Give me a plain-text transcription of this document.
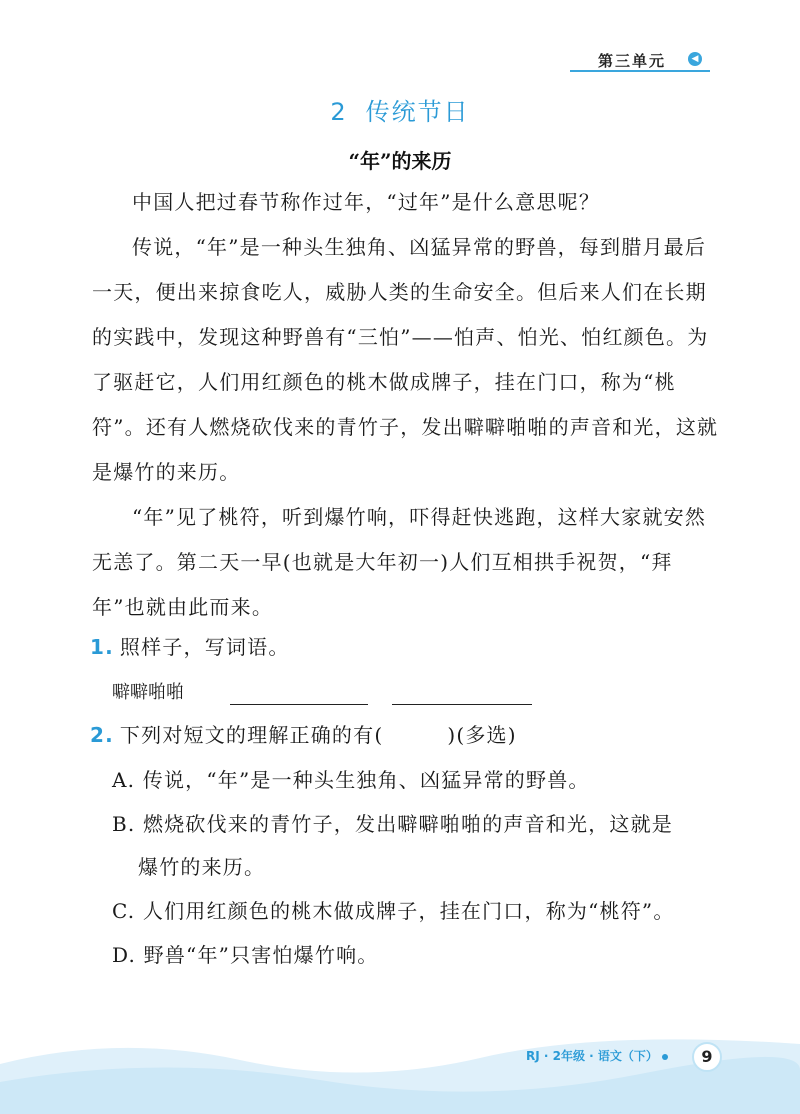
第三单元	◀
2 传统节日
“年”的来历

中国人把过春节称作过年，“过年”是什么意思呢？

传说，“年”是一种头生独角、凶猛异常的野兽，每到腊月最后一天，便出来掠食吃人，威胁人类的生命安全。但后来人们在长期的实践中，发现这种野兽有“三怕”——怕声、怕光、怕红颜色。为了驱赶它，人们用红颜色的桃木做成牌子，挂在门口，称为“桃符”。还有人燃烧砍伐来的青竹子，发出噼噼啪啪的声音和光，这就是爆竹的来历。

“年”见了桃符，听到爆竹响，吓得赶快逃跑，这样大家就安然无恙了。第二天一早(也就是大年初一)人们互相拱手祝贺，“拜年”也就由此而来。

1. 照样子，写词语。
噼噼啪啪
2. 下列对短文的理解正确的有(	)(多选)
A. 传说，“年”是一种头生独角、凶猛异常的野兽。
B. 燃烧砍伐来的青竹子，发出噼噼啪啪的声音和光，这就是
爆竹的来历。
C. 人们用红颜色的桃木做成牌子，挂在门口，称为“桃符”。
D. 野兽“年”只害怕爆竹响。
RJ · 2年级 · 语文（下）	9
